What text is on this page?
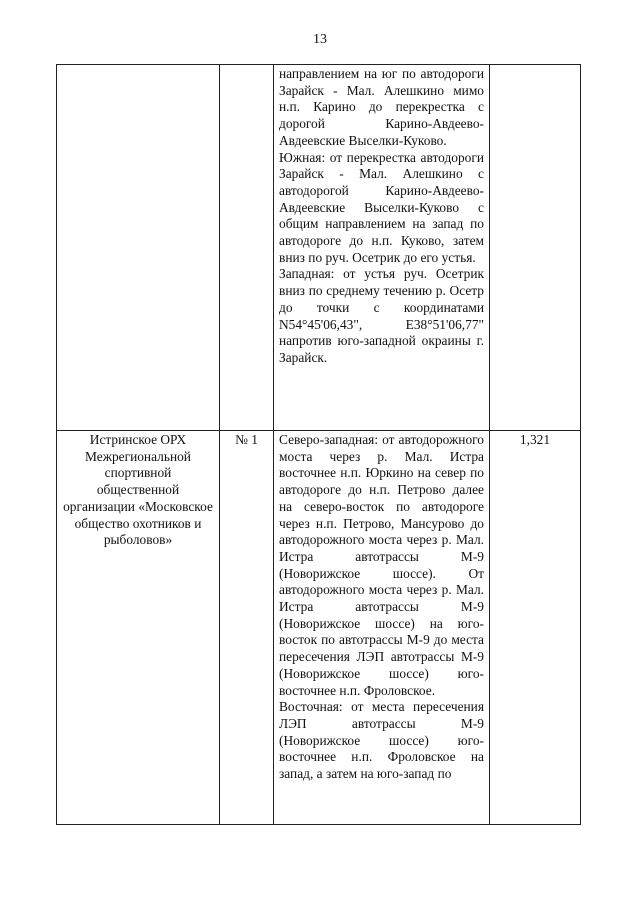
13

		направлением на юг по автодороги Зарайск - Мал. Алешкино мимо н.п. Карино до перекрестка с дорогой Карино-Авдеево-Авдеевские Выселки-Куково.

Южная: от перекрестка автодороги Зарайск - Мал. Алешкино с автодорогой Карино-Авдеево-Авдеевские Выселки-Куково с общим направлением на запад по автодороге до н.п. Куково, затем вниз по руч. Осетрик до его устья.

Западная: от устья руч. Осетрик вниз по среднему течению р. Осетр до точки с координатами N54°45'06,43", E38°51'06,77" напротив юго-западной окраины г. Зарайск.	

Истринское ОРХ Межрегиональной спортивной общественной организации «Московское общество охотников и рыболовов»	№ 1	Северо-западная: от автодорожного моста через р. Мал. Истра восточнее н.п. Юркино на север по автодороге до н.п. Петрово далее на северо-восток по автодороге через н.п. Петрово, Мансурово до автодорожного моста через р. Мал. Истра автотрассы М-9 (Новорижское шоссе). От автодорожного моста через р. Мал. Истра автотрассы М-9 (Новорижское шоссе) на юго-восток по автотрассы М-9 до места пересечения ЛЭП автотрассы М-9 (Новорижское шоссе) юго-восточнее н.п. Фроловское.

Восточная: от места пересечения ЛЭП автотрассы М-9 (Новорижское шоссе) юго-восточнее н.п. Фроловское на запад, а затем на юго-запад по	1,321
